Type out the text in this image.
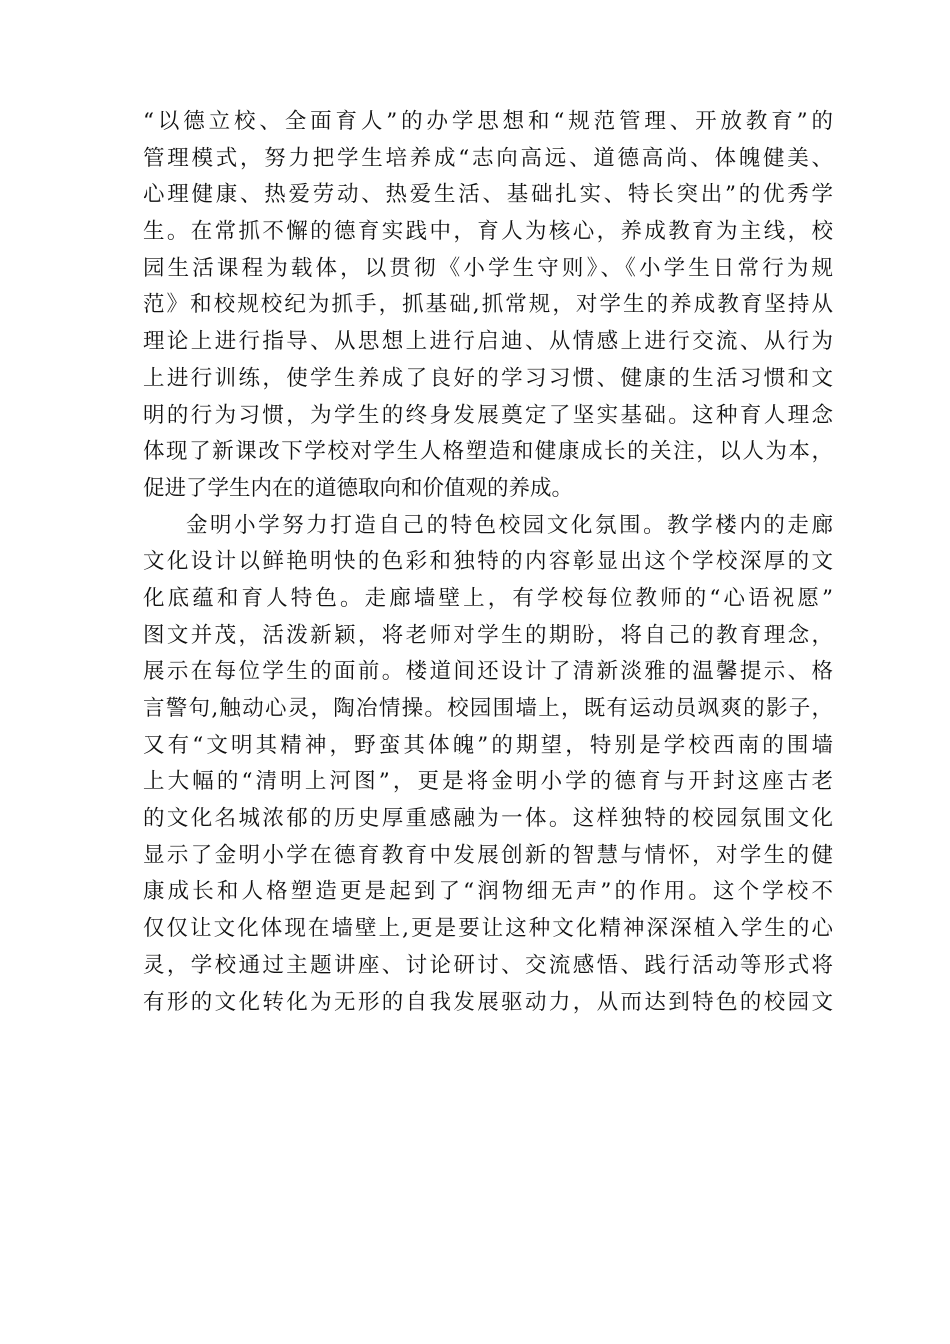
“以德立校、全面育人”的办学思想和“规范管理、开放教育”的
管理模式，努力把学生培养成“志向高远、道德高尚、体魄健美、
心理健康、热爱劳动、热爱生活、基础扎实、特长突出”的优秀学
生。在常抓不懈的德育实践中，育人为核心，养成教育为主线，校
园生活课程为载体，以贯彻《小学生守则》、《小学生日常行为规
范》和校规校纪为抓手，抓基础,抓常规，对学生的养成教育坚持从
理论上进行指导、从思想上进行启迪、从情感上进行交流、从行为
上进行训练，使学生养成了良好的学习习惯、健康的生活习惯和文
明的行为习惯，为学生的终身发展奠定了坚实基础。这种育人理念
体现了新课改下学校对学生人格塑造和健康成长的关注，以人为本，
促进了学生内在的道德取向和价值观的养成。
金明小学努力打造自己的特色校园文化氛围。教学楼内的走廊
文化设计以鲜艳明快的色彩和独特的内容彰显出这个学校深厚的文
化底蕴和育人特色。走廊墙壁上，有学校每位教师的“心语祝愿”
图文并茂，活泼新颖，将老师对学生的期盼，将自己的教育理念，
展示在每位学生的面前。楼道间还设计了清新淡雅的温馨提示、格
言警句,触动心灵，陶冶情操。校园围墙上，既有运动员飒爽的影子，
又有“文明其精神，野蛮其体魄”的期望，特别是学校西南的围墙
上大幅的“清明上河图”，更是将金明小学的德育与开封这座古老
的文化名城浓郁的历史厚重感融为一体。这样独特的校园氛围文化
显示了金明小学在德育教育中发展创新的智慧与情怀，对学生的健
康成长和人格塑造更是起到了“润物细无声”的作用。这个学校不
仅仅让文化体现在墙壁上,更是要让这种文化精神深深植入学生的心
灵，学校通过主题讲座、讨论研讨、交流感悟、践行活动等形式将
有形的文化转化为无形的自我发展驱动力，从而达到特色的校园文
